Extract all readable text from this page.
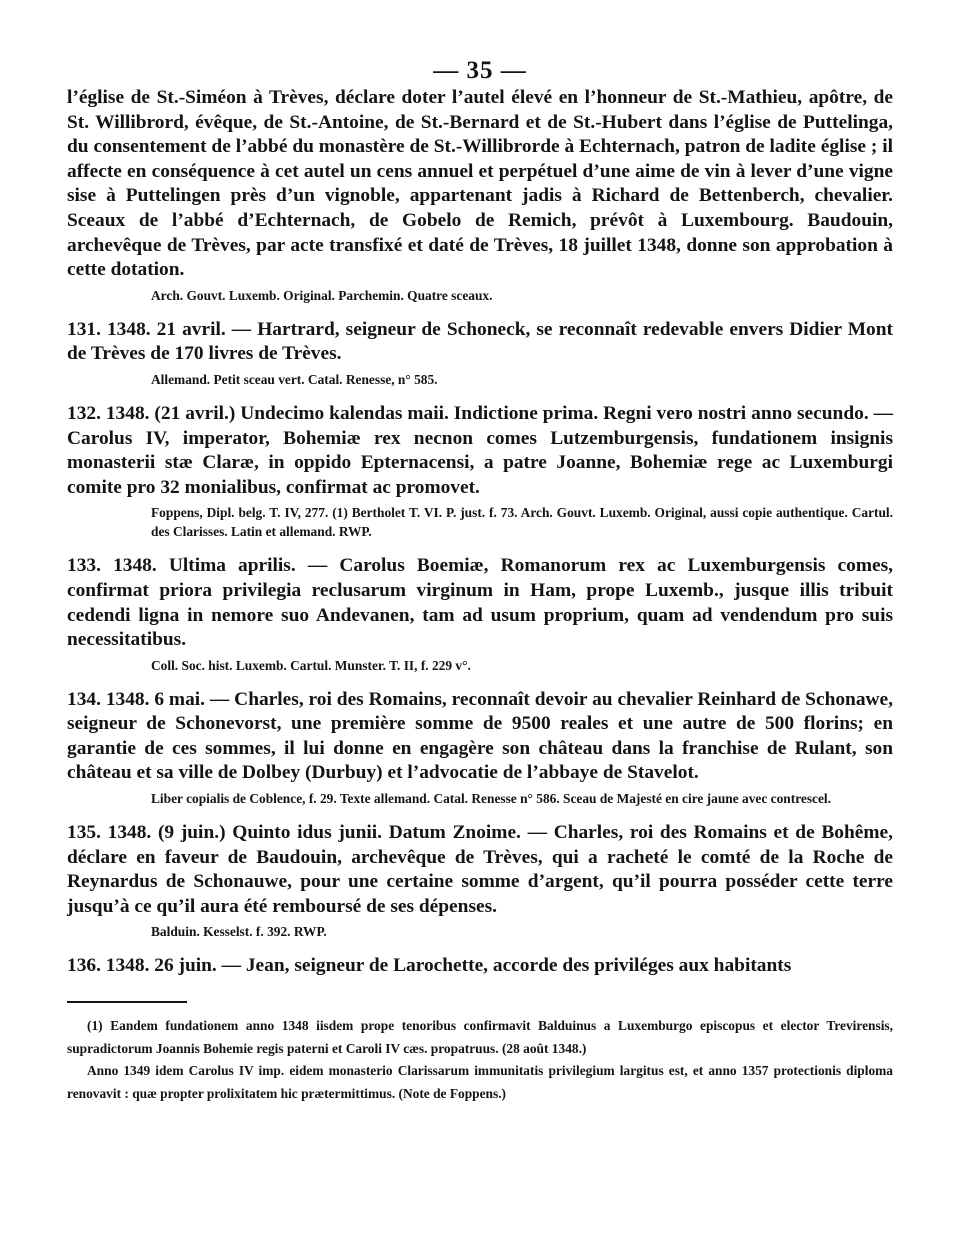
— 35 —

l’église de St.-Siméon à Trèves, déclare doter l’autel élevé en l’honneur de St.-Mathieu, apôtre, de St. Willibrord, évêque, de St.-Antoine, de St.-Bernard et de St.-Hubert dans l’église de Puttelinga, du consentement de l’abbé du monastère de St.-Willibrorde à Echternach, patron de ladite église ; il affecte en conséquence à cet autel un cens annuel et perpétuel d’une aime de vin à lever d’une vigne sise à Puttelingen près d’un vignoble, appartenant jadis à Richard de Bettenberch, chevalier. Sceaux de l’abbé d’Echternach, de Gobelo de Remich, prévôt à Luxembourg. Baudouin, archevêque de Trèves, par acte transfixé et daté de Trèves, 18 juillet 1348, donne son approbation à cette dotation.

Arch. Gouvt. Luxemb. Original. Parchemin. Quatre sceaux.

131. 1348. 21 avril. — Hartrard, seigneur de Schoneck, se reconnaît redevable envers Didier Mont de Trèves de 170 livres de Trèves.

Allemand. Petit sceau vert. Catal. Renesse, n° 585.

132. 1348. (21 avril.) Undecimo kalendas maii. Indictione prima. Regni vero nostri anno secundo. — Carolus IV, imperator, Bohemiæ rex necnon comes Lutzemburgensis, fundationem insignis monasterii stæ Claræ, in oppido Epternacensi, a patre Joanne, Bohemiæ rege ac Luxemburgi comite pro 32 monialibus, confirmat ac promovet.

Foppens, Dipl. belg. T. IV, 277. (1) Bertholet T. VI. P. just. f. 73. Arch. Gouvt. Luxemb. Original, aussi copie authentique. Cartul. des Clarisses. Latin et allemand. RWP.

133. 1348. Ultima aprilis. — Carolus Boemiæ, Romanorum rex ac Luxemburgensis comes, confirmat priora privilegia reclusarum virginum in Ham, prope Luxemb., jusque illis tribuit cedendi ligna in nemore suo Andevanen, tam ad usum proprium, quam ad vendendum pro suis necessitatibus.

Coll. Soc. hist. Luxemb. Cartul. Munster. T. II, f. 229 v°.

134. 1348. 6 mai. — Charles, roi des Romains, reconnaît devoir au chevalier Reinhard de Schonawe, seigneur de Schonevorst, une première somme de 9500 reales et une autre de 500 florins; en garantie de ces sommes, il lui donne en engagère son château dans la franchise de Rulant, son château et sa ville de Dolbey (Durbuy) et l’advocatie de l’abbaye de Stavelot.

Liber copialis de Coblence, f. 29. Texte allemand. Catal. Renesse n° 586. Sceau de Majesté en cire jaune avec contrescel.

135. 1348. (9 juin.) Quinto idus junii. Datum Znoime. — Charles, roi des Romains et de Bohême, déclare en faveur de Baudouin, archevêque de Trèves, qui a racheté le comté de la Roche de Reynardus de Schonauwe, pour une certaine somme d’argent, qu’il pourra posséder cette terre jusqu’à ce qu’il aura été remboursé de ses dépenses.

Balduin. Kesselst. f. 392. RWP.

136. 1348. 26 juin. — Jean, seigneur de Larochette, accorde des priviléges aux habitants

(1) Eandem fundationem anno 1348 iisdem prope tenoribus confirmavit Balduinus a Luxemburgo episcopus et elector Trevirensis, supradictorum Joannis Bohemie regis paterni et Caroli IV cæs. propatruus. (28 août 1348.)

Anno 1349 idem Carolus IV imp. eidem monasterio Clarissarum immunitatis privilegium largitus est, et anno 1357 protectionis diploma renovavit : quæ propter prolixitatem hic prætermittimus. (Note de Foppens.)
